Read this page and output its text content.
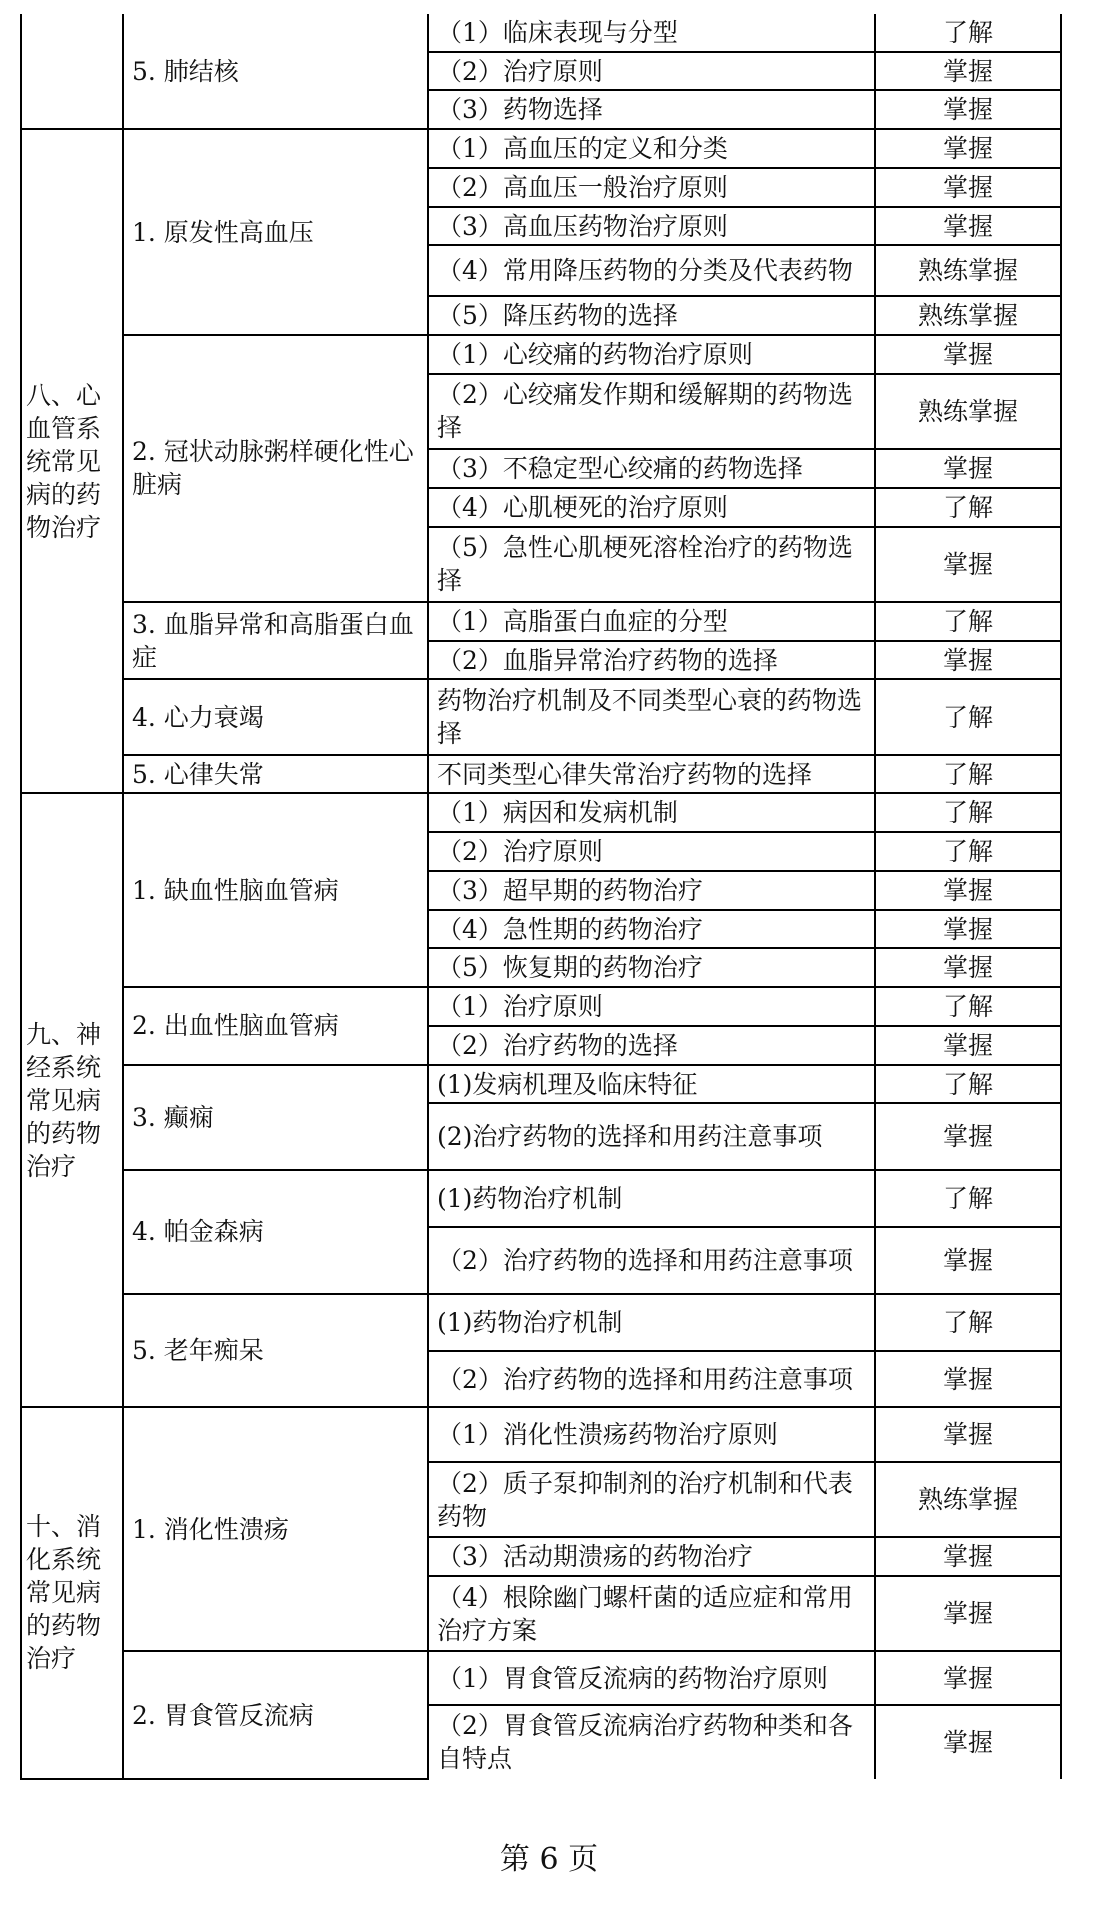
	5. 肺结核	（1）临床表现与分型	了解
		（2）治疗原则	掌握
		（3）药物选择	掌握
八、心血管系统常见病的药物治疗	1. 原发性高血压	（1）高血压的定义和分类	掌握
		（2）高血压一般治疗原则	掌握
		（3）高血压药物治疗原则	掌握
		（4）常用降压药物的分类及代表药物	熟练掌握
		（5）降压药物的选择	熟练掌握
	2. 冠状动脉粥样硬化性心脏病	（1）心绞痛的药物治疗原则	掌握
		（2）心绞痛发作期和缓解期的药物选择	熟练掌握
		（3）不稳定型心绞痛的药物选择	掌握
		（4）心肌梗死的治疗原则	了解
		（5）急性心肌梗死溶栓治疗的药物选择	掌握
	3. 血脂异常和高脂蛋白血症	（1）高脂蛋白血症的分型	了解
		（2）血脂异常治疗药物的选择	掌握
	4. 心力衰竭	药物治疗机制及不同类型心衰的药物选择	了解
	5. 心律失常	不同类型心律失常治疗药物的选择	了解
九、神经系统常见病的药物治疗	1. 缺血性脑血管病	（1）病因和发病机制	了解
		（2）治疗原则	了解
		（3）超早期的药物治疗	掌握
		（4）急性期的药物治疗	掌握
		（5）恢复期的药物治疗	掌握
	2. 出血性脑血管病	（1）治疗原则	了解
		（2）治疗药物的选择	掌握
	3. 癫痫	(1)发病机理及临床特征	了解
		(2)治疗药物的选择和用药注意事项	掌握
	4. 帕金森病	(1)药物治疗机制	了解
		（2）治疗药物的选择和用药注意事项	掌握
	5. 老年痴呆	(1)药物治疗机制	了解
		（2）治疗药物的选择和用药注意事项	掌握
十、消化系统常见病的药物治疗	1. 消化性溃疡	（1）消化性溃疡药物治疗原则	掌握
		（2）质子泵抑制剂的治疗机制和代表药物	熟练掌握
		（3）活动期溃疡的药物治疗	掌握
		（4）根除幽门螺杆菌的适应症和常用治疗方案	掌握
	2. 胃食管反流病	（1）胃食管反流病的药物治疗原则	掌握
		（2）胃食管反流病治疗药物种类和各自特点	掌握
第 6 页
